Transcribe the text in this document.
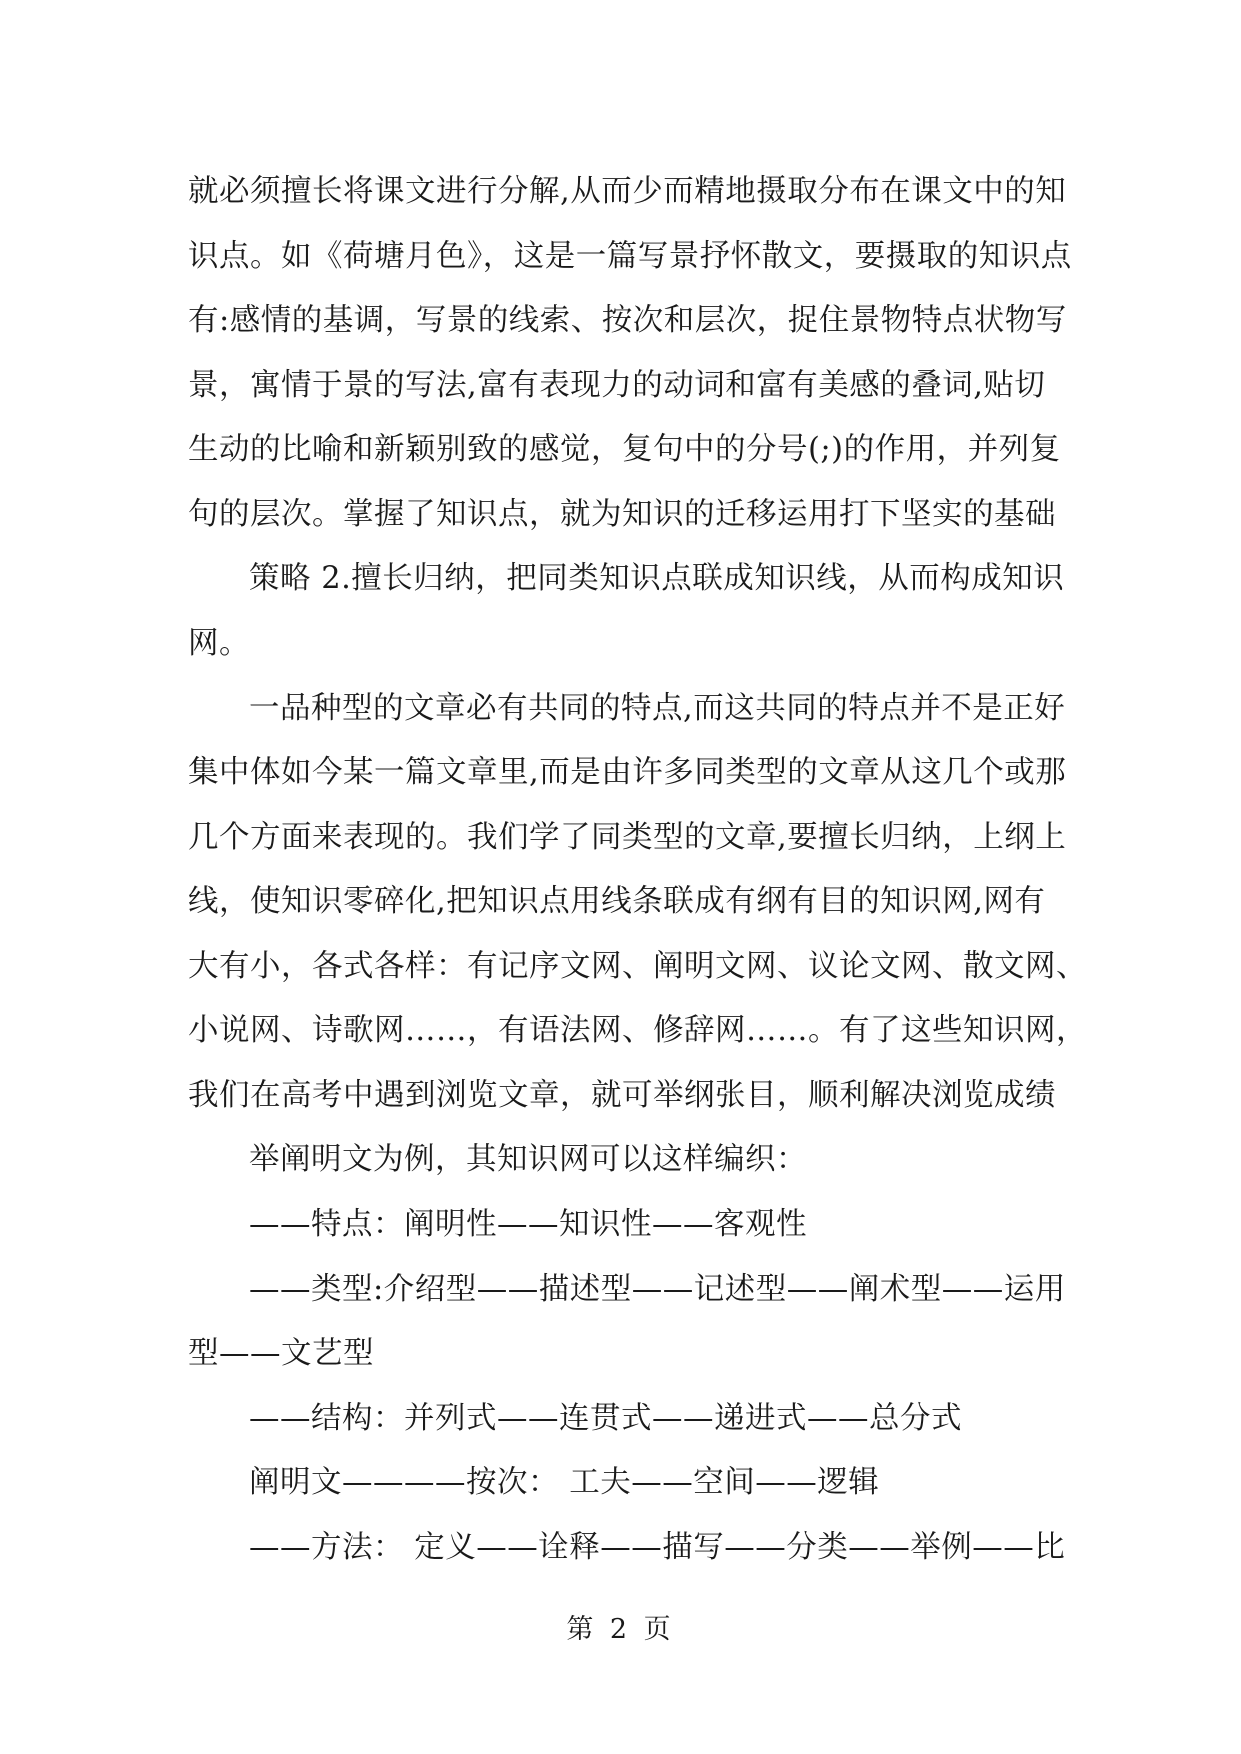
就必须擅长将课文进行分解,从而少而精地摄取分布在课文中的知
识点。如《荷塘月色》，这是一篇写景抒怀散文，要摄取的知识点
有:感情的基调，写景的线索、按次和层次，捉住景物特点状物写
景，寓情于景的写法,富有表现力的动词和富有美感的叠词,贴切
生动的比喻和新颖别致的感觉，复句中的分号(;)的作用，并列复
句的层次。掌握了知识点，就为知识的迁移运用打下坚实的基础
策略 2.擅长归纳，把同类知识点联成知识线，从而构成知识
网。
一品种型的文章必有共同的特点,而这共同的特点并不是正好
集中体如今某一篇文章里,而是由许多同类型的文章从这几个或那
几个方面来表现的。我们学了同类型的文章,要擅长归纳，上纲上
线，使知识零碎化,把知识点用线条联成有纲有目的知识网,网有
大有小，各式各样：有记序文网、阐明文网、议论文网、散文网、
小说网、诗歌网……，有语法网、修辞网……。有了这些知识网，
我们在高考中遇到浏览文章，就可举纲张目，顺利解决浏览成绩
举阐明文为例，其知识网可以这样编织：
——特点：阐明性——知识性——客观性
——类型:介绍型——描述型——记述型——阐术型——运用
型——文艺型
——结构：并列式——连贯式——递进式——总分式
阐明文————按次： 工夫——空间——逻辑
——方法： 定义——诠释——描写——分类——举例——比
第 2 页
